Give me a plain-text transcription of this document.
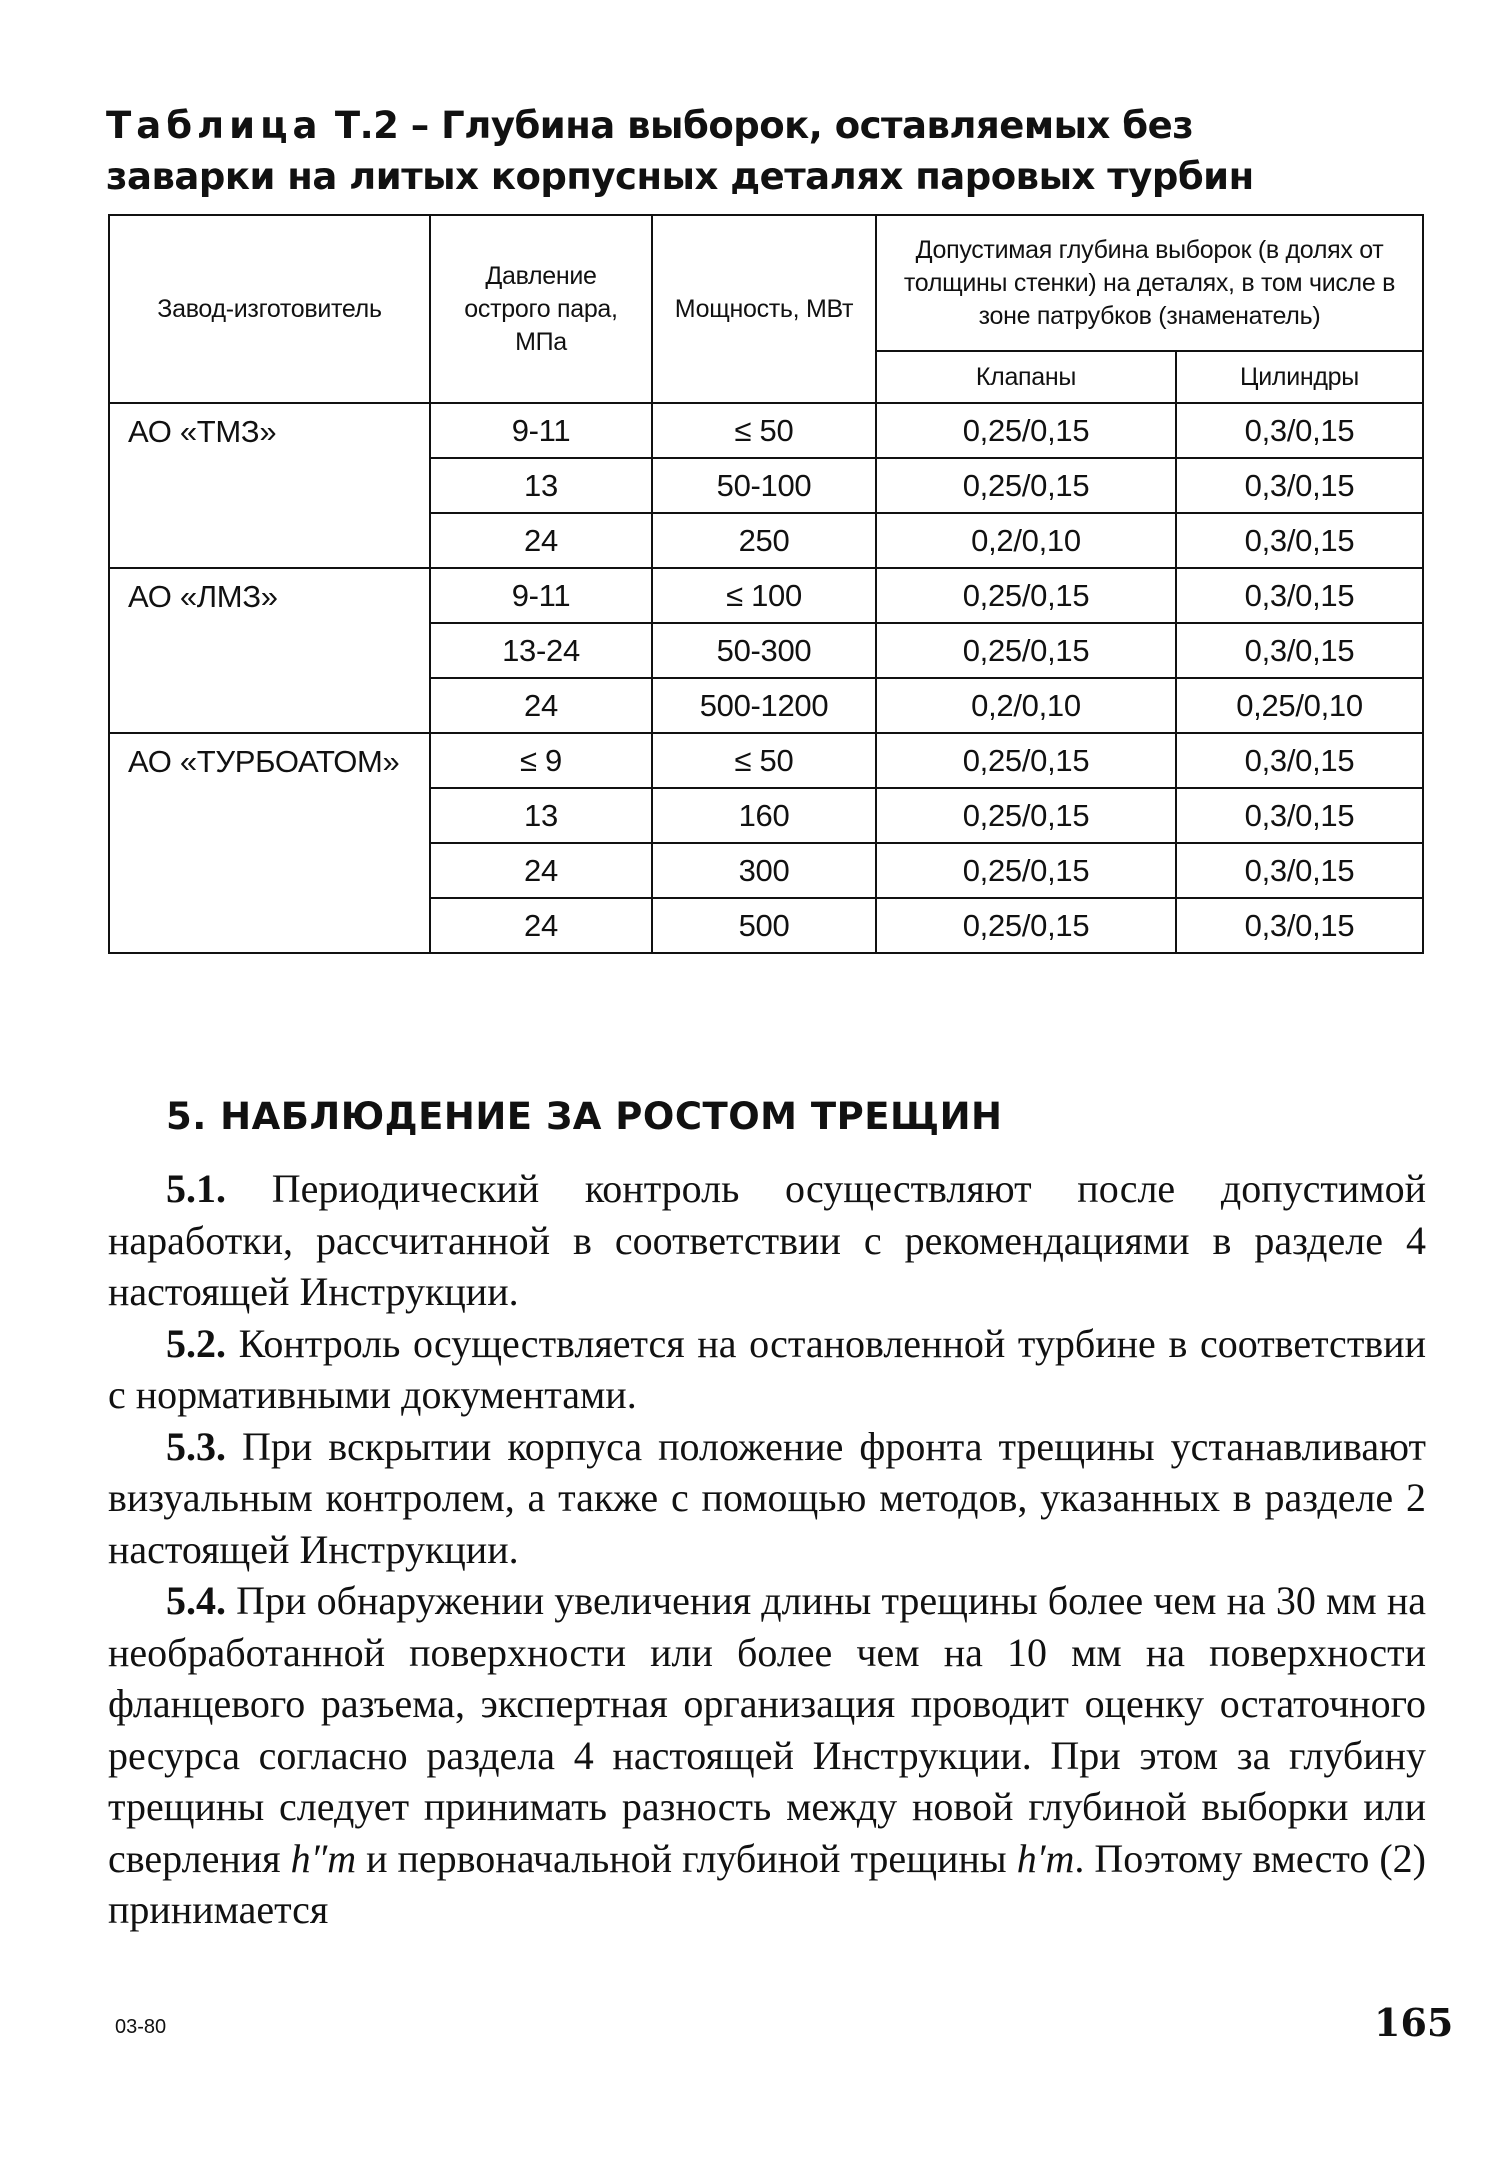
Таблица Т.2 – Глубина выборок, оставляемых без
заварки на литых корпусных деталях паровых турбин
Завод-изготовитель	Давление острого пара, МПа	Мощность, МВт	Допустимая глубина выборок (в долях от толщины стенки) на деталях, в том числе в зоне патрубков (знаменатель)	
			Клапаны	Цилиндры
АО «ТМЗ»	9-11	≤ 50	0,25/0,15	0,3/0,15
	13	50-100	0,25/0,15	0,3/0,15
	24	250	0,2/0,10	0,3/0,15
АО «ЛМЗ»	9-11	≤ 100	0,25/0,15	0,3/0,15
	13-24	50-300	0,25/0,15	0,3/0,15
	24	500-1200	0,2/0,10	0,25/0,10
АО «ТУРБОАТОМ»	≤ 9	≤ 50	0,25/0,15	0,3/0,15
	13	160	0,25/0,15	0,3/0,15
	24	300	0,25/0,15	0,3/0,15
	24	500	0,25/0,15	0,3/0,15
5. НАБЛЮДЕНИЕ ЗА РОСТОМ ТРЕЩИН

5.1. Периодический контроль осуществляют после допустимой наработки, рассчитанной в соответствии с рекомендациями в разделе 4 настоящей Инструкции.

5.2. Контроль осуществляется на остановленной турбине в соответствии с нормативными документами.

5.3. При вскрытии корпуса положение фронта трещины устанавливают визуальным контролем, а также с помощью методов, указанных в разделе 2 настоящей Инструкции.

5.4. При обнаружении увеличения длины трещины более чем на 30 мм на необработанной поверхности или более чем на 10 мм на поверхности фланцевого разъема, экспертная организация проводит оценку остаточного ресурса согласно раздела 4 настоящей Инструкции. При этом за глубину трещины следует принимать разность между новой глубиной выборки или сверления h″т и первоначальной глубиной трещины h′т. Поэтому вместо (2) принимается

03-80	165
